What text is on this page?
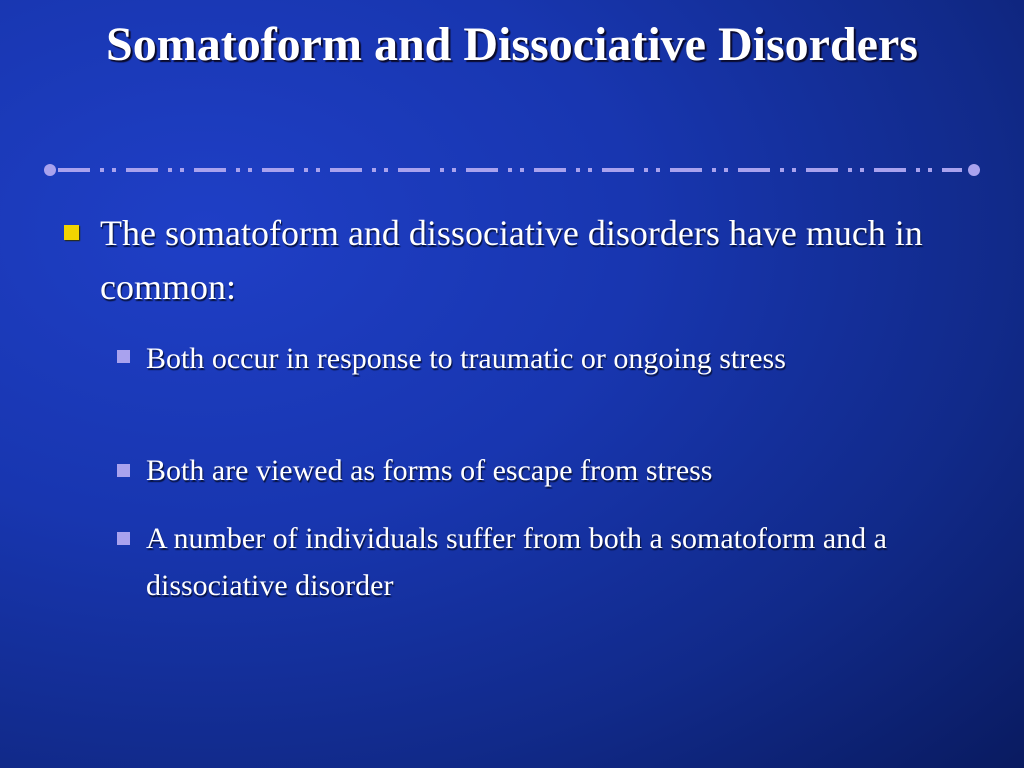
Somatoform and Dissociative Disorders
The somatoform and dissociative disorders have much in common:
Both occur in response to traumatic or ongoing stress
Both are viewed as forms of escape from stress
A number of individuals suffer from both a somatoform and a dissociative disorder
